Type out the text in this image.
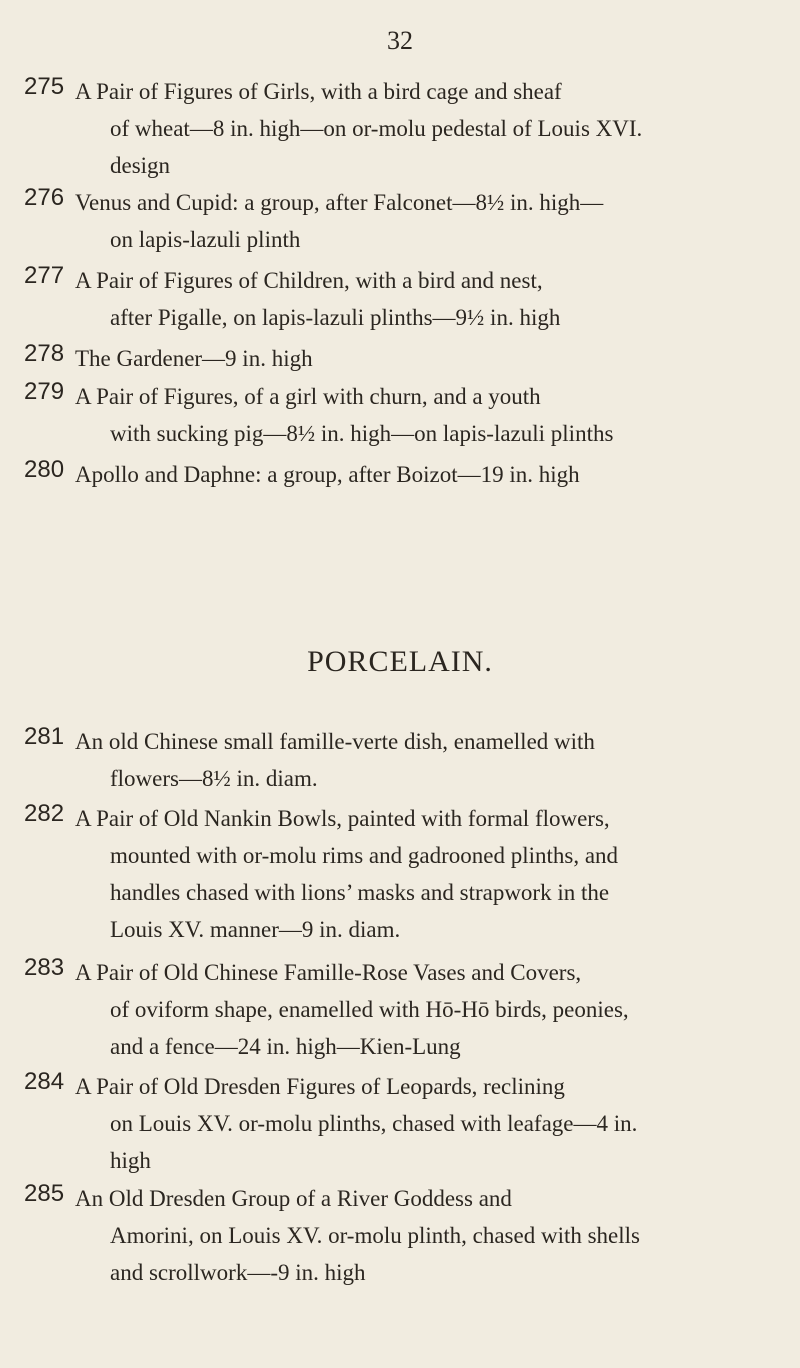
32
275 A Pair of Figures of Girls, with a bird cage and sheaf
of wheat—8 in. high—on or-molu pedestal of Louis XVI.
design
276 Venus and Cupid: a group, after Falconet—8½ in. high—
on lapis-lazuli plinth
277 A Pair of Figures of Children, with a bird and nest,
after Pigalle, on lapis-lazuli plinths—9½ in. high
278 The Gardener—9 in. high
279 A Pair of Figures, of a girl with churn, and a youth
with sucking pig—8½ in. high—on lapis-lazuli plinths
280 Apollo and Daphne: a group, after Boizot—19 in. high
PORCELAIN.
281 An old Chinese small famille-verte dish, enamelled with
flowers—8½ in. diam.
282 A Pair of Old Nankin Bowls, painted with formal flowers,
mounted with or-molu rims and gadrooned plinths, and
handles chased with lions’ masks and strapwork in the
Louis XV. manner—9 in. diam.
283 A Pair of Old Chinese Famille-Rose Vases and Covers,
of oviform shape, enamelled with Hō-Hō birds, peonies,
and a fence—24 in. high—Kien-Lung
284 A Pair of Old Dresden Figures of Leopards, reclining
on Louis XV. or-molu plinths, chased with leafage—4 in.
high
285 An Old Dresden Group of a River Goddess and
Amorini, on Louis XV. or-molu plinth, chased with shells
and scrollwork—-9 in. high
